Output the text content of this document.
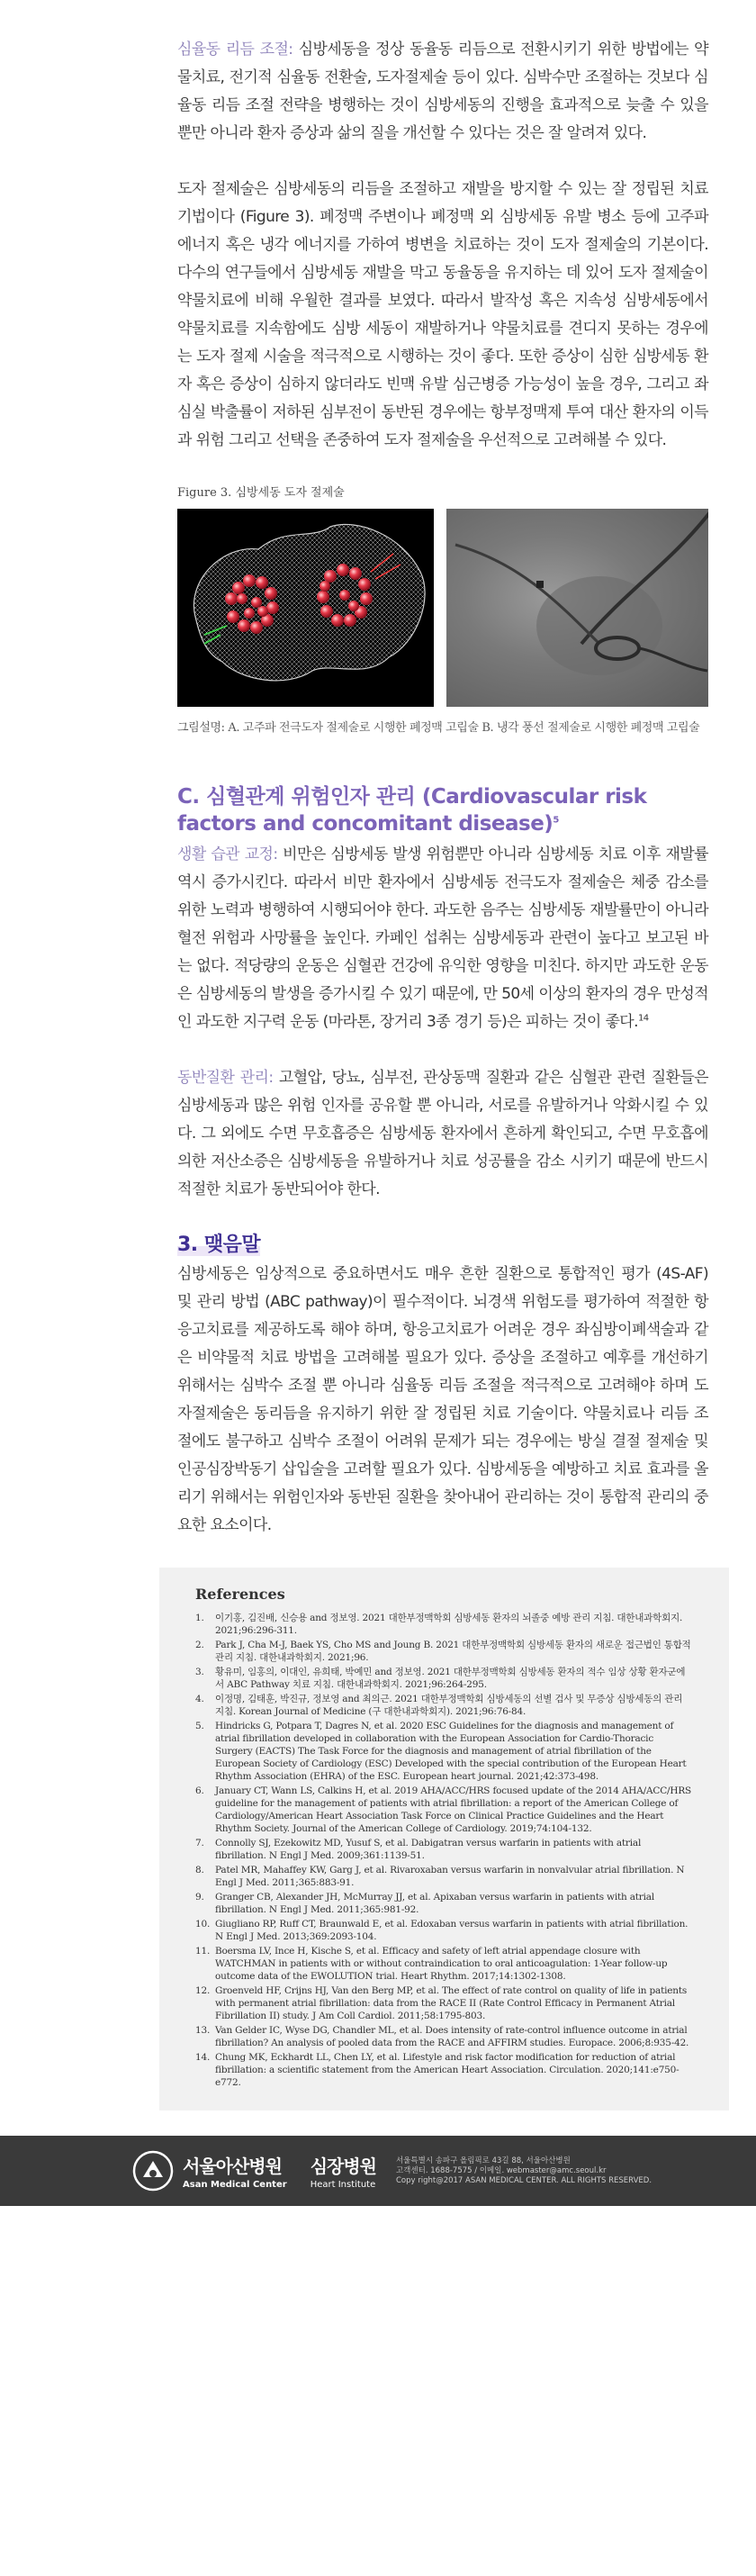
심율동 리듬 조절: 심방세동을 정상 동율동 리듬으로 전환시키기 위한 방법에는 약물치료, 전기적 심율동 전환술, 도자절제술 등이 있다. 심박수만 조절하는 것보다 심율동 리듬 조절 전략을 병행하는 것이 심방세동의 진행을 효과적으로 늦출 수 있을 뿐만 아니라 환자 증상과 삶의 질을 개선할 수 있다는 것은 잘 알려져 있다.

도자 절제술은 심방세동의 리듬을 조절하고 재발을 방지할 수 있는 잘 정립된 치료기법이다 (Figure 3). 폐정맥 주변이나 폐정맥 외 심방세동 유발 병소 등에 고주파 에너지 혹은 냉각 에너지를 가하여 병변을 치료하는 것이 도자 절제술의 기본이다. 다수의 연구들에서 심방세동 재발을 막고 동율동을 유지하는 데 있어 도자 절제술이 약물치료에 비해 우월한 결과를 보였다. 따라서 발작성 혹은 지속성 심방세동에서 약물치료를 지속함에도 심방 세동이 재발하거나 약물치료를 견디지 못하는 경우에는 도자 절제 시술을 적극적으로 시행하는 것이 좋다. 또한 증상이 심한 심방세동 환자 혹은 증상이 심하지 않더라도 빈맥 유발 심근병증 가능성이 높을 경우, 그리고 좌심실 박출률이 저하된 심부전이 동반된 경우에는 항부정맥제 투여 대산 환자의 이득과 위험 그리고 선택을 존중하여 도자 절제술을 우선적으로 고려해볼 수 있다.

Figure 3. 심방세동 도자 절제술

그림설명: A. 고주파 전극도자 절제술로 시행한 폐정맥 고립술 B. 냉각 풍선 절제술로 시행한 폐정맥 고립술

C. 심혈관계 위험인자 관리 (Cardiovascular risk factors and concomitant disease)$^5$

생활 습관 교정: 비만은 심방세동 발생 위험뿐만 아니라 심방세동 치료 이후 재발률 역시 증가시킨다. 따라서 비만 환자에서 심방세동 전극도자 절제술은 체중 감소를 위한 노력과 병행하여 시행되어야 한다. 과도한 음주는 심방세동 재발률만이 아니라 혈전 위험과 사망률을 높인다. 카페인 섭취는 심방세동과 관련이 높다고 보고된 바는 없다. 적당량의 운동은 심혈관 건강에 유익한 영향을 미친다. 하지만 과도한 운동은 심방세동의 발생을 증가시킬 수 있기 때문에, 만 50세 이상의 환자의 경우 만성적인 과도한 지구력 운동 (마라톤, 장거리 3종 경기 등)은 피하는 것이 좋다.$^{14}$

동반질환 관리: 고혈압, 당뇨, 심부전, 관상동맥 질환과 같은 심혈관 관련 질환들은 심방세동과 많은 위험 인자를 공유할 뿐 아니라, 서로를 유발하거나 악화시킬 수 있다. 그 외에도 수면 무호흡증은 심방세동 환자에서 흔하게 확인되고, 수면 무호흡에 의한 저산소증은 심방세동을 유발하거나 치료 성공률을 감소 시키기 때문에 반드시 적절한 치료가 동반되어야 한다.

3. 맺음말

심방세동은 임상적으로 중요하면서도 매우 흔한 질환으로 통합적인 평가 (4S-AF) 및 관리 방법 (ABC pathway)이 필수적이다. 뇌경색 위험도를 평가하여 적절한 항응고치료를 제공하도록 해야 하며, 항응고치료가 어려운 경우 좌심방이폐색술과 같은 비약물적 치료 방법을 고려해볼 필요가 있다. 증상을 조절하고 예후를 개선하기 위해서는 심박수 조절 뿐 아니라 심율동 리듬 조절을 적극적으로 고려해야 하며 도자절제술은 동리듬을 유지하기 위한 잘 정립된 치료 기술이다. 약물치료나 리듬 조절에도 불구하고 심박수 조절이 어려워 문제가 되는 경우에는 방실 결절 절제술 및 인공심장박동기 삽입술을 고려할 필요가 있다. 심방세동을 예방하고 치료 효과를 올리기 위해서는 위험인자와 동반된 질환을 찾아내어 관리하는 것이 통합적 관리의 중요한 요소이다.

References
1.	이기홍, 김진배, 신승용 and 정보영. 2021 대한부정맥학회 심방세동 환자의 뇌졸중 예방 관리 지침. 대한내과학회지. 2021;96:296-311.
2.	Park J, Cha M-J, Baek YS, Cho MS and Joung B. 2021 대한부정맥학회 심방세동 환자의 새로운 접근법인 통합적 관리 지침. 대한내과학회지. 2021;96.
3.	황유미, 임홍의, 이대인, 유희태, 박예민 and 정보영. 2021 대한부정맥학회 심방세동 환자의 적수 임상 상황 환자군에서 ABC Pathway 치료 지침. 대한내과학회지. 2021;96:264-295.
4.	이정명, 김태훈, 박진규, 정보영 and 최의근. 2021 대한부정맥학회 심방세동의 선별 검사 및 무증상 심방세동의 관리 지침. Korean Journal of Medicine (구 대한내과학회지). 2021;96:76-84.
5.	Hindricks G, Potpara T, Dagres N, et al. 2020 ESC Guidelines for the diagnosis and management of atrial fibrillation developed in collaboration with the European Association for Cardio-Thoracic Surgery (EACTS) The Task Force for the diagnosis and management of atrial fibrillation of the European Society of Cardiology (ESC) Developed with the special contribution of the European Heart Rhythm Association (EHRA) of the ESC. European heart journal. 2021;42:373-498.
6.	January CT, Wann LS, Calkins H, et al. 2019 AHA/ACC/HRS focused update of the 2014 AHA/ACC/HRS guideline for the management of patients with atrial fibrillation: a report of the American College of Cardiology/American Heart Association Task Force on Clinical Practice Guidelines and the Heart Rhythm Society. Journal of the American College of Cardiology. 2019;74:104-132.
7.	Connolly SJ, Ezekowitz MD, Yusuf S, et al. Dabigatran versus warfarin in patients with atrial fibrillation. N Engl J Med. 2009;361:1139-51.
8.	Patel MR, Mahaffey KW, Garg J, et al. Rivaroxaban versus warfarin in nonvalvular atrial fibrillation. N Engl J Med. 2011;365:883-91.
9.	Granger CB, Alexander JH, McMurray JJ, et al. Apixaban versus warfarin in patients with atrial fibrillation. N Engl J Med. 2011;365:981-92.
10. Giugliano RP, Ruff CT, Braunwald E, et al. Edoxaban versus warfarin in patients with atrial fibrillation. N Engl J Med. 2013;369:2093-104.
11. Boersma LV, Ince H, Kische S, et al. Efficacy and safety of left atrial appendage closure with WATCHMAN in patients with or without contraindication to oral anticoagulation: 1-Year follow-up outcome data of the EWOLUTION trial. Heart Rhythm. 2017;14:1302-1308.
12. Groenveld HF, Crijns HJ, Van den Berg MP, et al. The effect of rate control on quality of life in patients with permanent atrial fibrillation: data from the RACE II (Rate Control Efficacy in Permanent Atrial Fibrillation II) study. J Am Coll Cardiol. 2011;58:1795-803.
13. Van Gelder IC, Wyse DG, Chandler ML, et al. Does intensity of rate-control influence outcome in atrial fibrillation? An analysis of pooled data from the RACE and AFFIRM studies. Europace. 2006;8:935-42.
14. Chung MK, Eckhardt LL, Chen LY, et al. Lifestyle and risk factor modification for reduction of atrial fibrillation: a scientific statement from the American Heart Association. Circulation. 2020;141:e750-e772.
서울아산병원
Asan Medical Center
심장병원
Heart Institute
서울특별시 송파구 올림픽로 43길 88, 서울아산병원
고객센터. 1688-7575 / 이메일. webmaster@amc.seoul.kr
Copy right@2017 ASAN MEDICAL CENTER. ALL RIGHTS RESERVED.
